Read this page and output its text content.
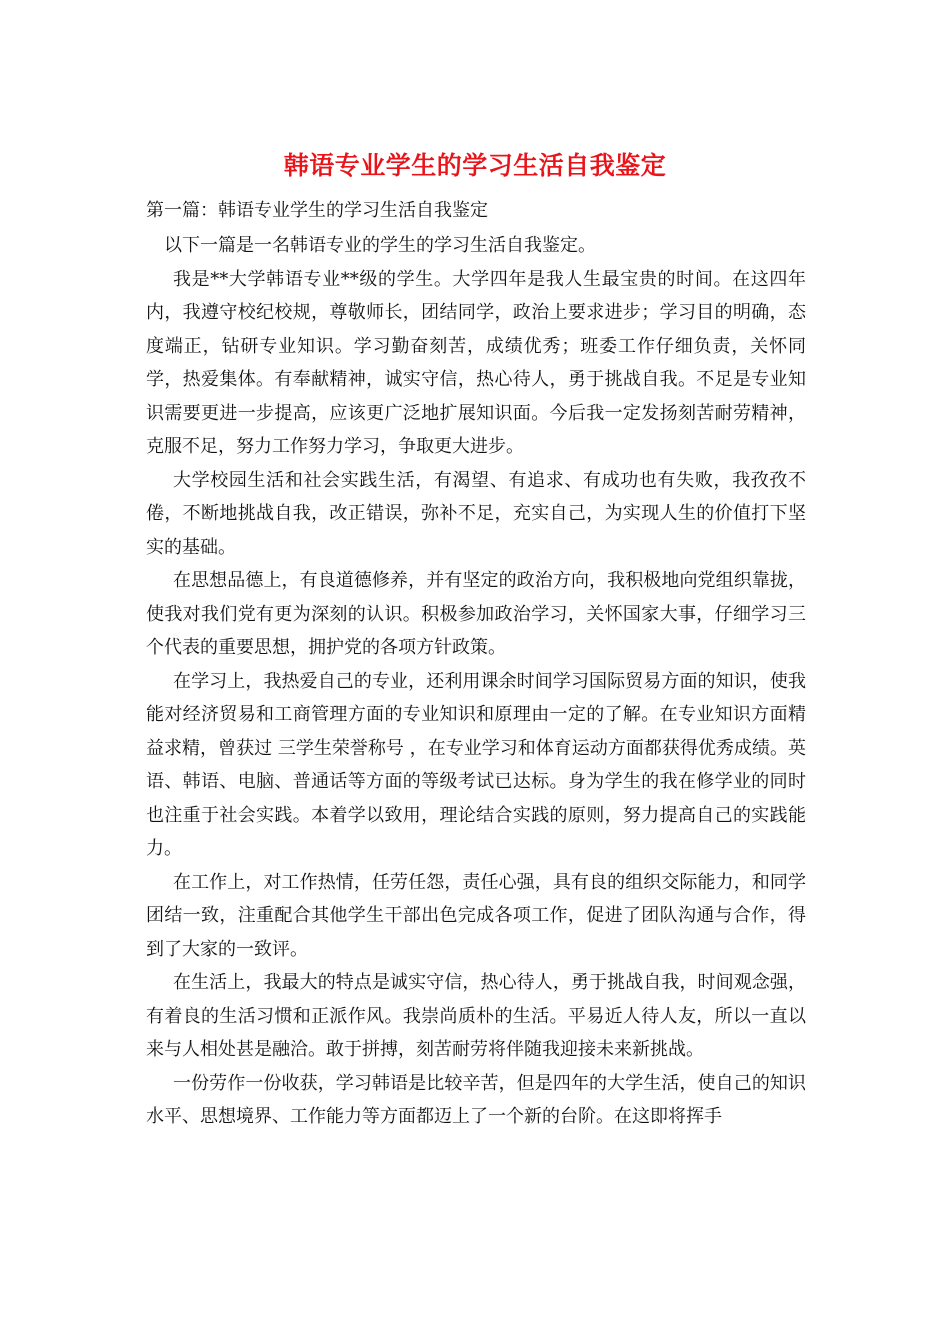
韩语专业学生的学习生活自我鉴定
第一篇：韩语专业学生的学习生活自我鉴定

以下一篇是一名韩语专业的学生的学习生活自我鉴定。

我是**大学韩语专业**级的学生。大学四年是我人生最宝贵的时间。在这四年内，我遵守校纪校规，尊敬师长，团结同学，政治上要求进步；学习目的明确，态度端正，钻研专业知识。学习勤奋刻苦，成绩优秀；班委工作仔细负责，关怀同学，热爱集体。有奉献精神，诚实守信，热心待人，勇于挑战自我。不足是专业知识需要更进一步提高，应该更广泛地扩展知识面。今后我一定发扬刻苦耐劳精神，克服不足，努力工作努力学习，争取更大进步。

大学校园生活和社会实践生活，有渴望、有追求、有成功也有失败，我孜孜不倦，不断地挑战自我，改正错误，弥补不足，充实自己，为实现人生的价值打下坚实的基础。

在思想品德上，有良道德修养，并有坚定的政治方向，我积极地向党组织靠拢，使我对我们党有更为深刻的认识。积极参加政治学习，关怀国家大事，仔细学习三个代表的重要思想，拥护党的各项方针政策。

在学习上，我热爱自己的专业，还利用课余时间学习国际贸易方面的知识，使我能对经济贸易和工商管理方面的专业知识和原理由一定的了解。在专业知识方面精益求精，曾获过 三学生荣誉称号 ，在专业学习和体育运动方面都获得优秀成绩。英语、韩语、电脑、普通话等方面的等级考试已达标。身为学生的我在修学业的同时也注重于社会实践。本着学以致用，理论结合实践的原则，努力提高自己的实践能力。

在工作上，对工作热情，任劳任怨，责任心强，具有良的组织交际能力，和同学团结一致，注重配合其他学生干部出色完成各项工作，促进了团队沟通与合作，得到了大家的一致评。

在生活上，我最大的特点是诚实守信，热心待人，勇于挑战自我，时间观念强，有着良的生活习惯和正派作风。我崇尚质朴的生活。平易近人待人友，所以一直以来与人相处甚是融洽。敢于拼搏，刻苦耐劳将伴随我迎接未来新挑战。

一份劳作一份收获，学习韩语是比较辛苦，但是四年的大学生活，使自己的知识水平、思想境界、工作能力等方面都迈上了一个新的台阶。在这即将挥手
